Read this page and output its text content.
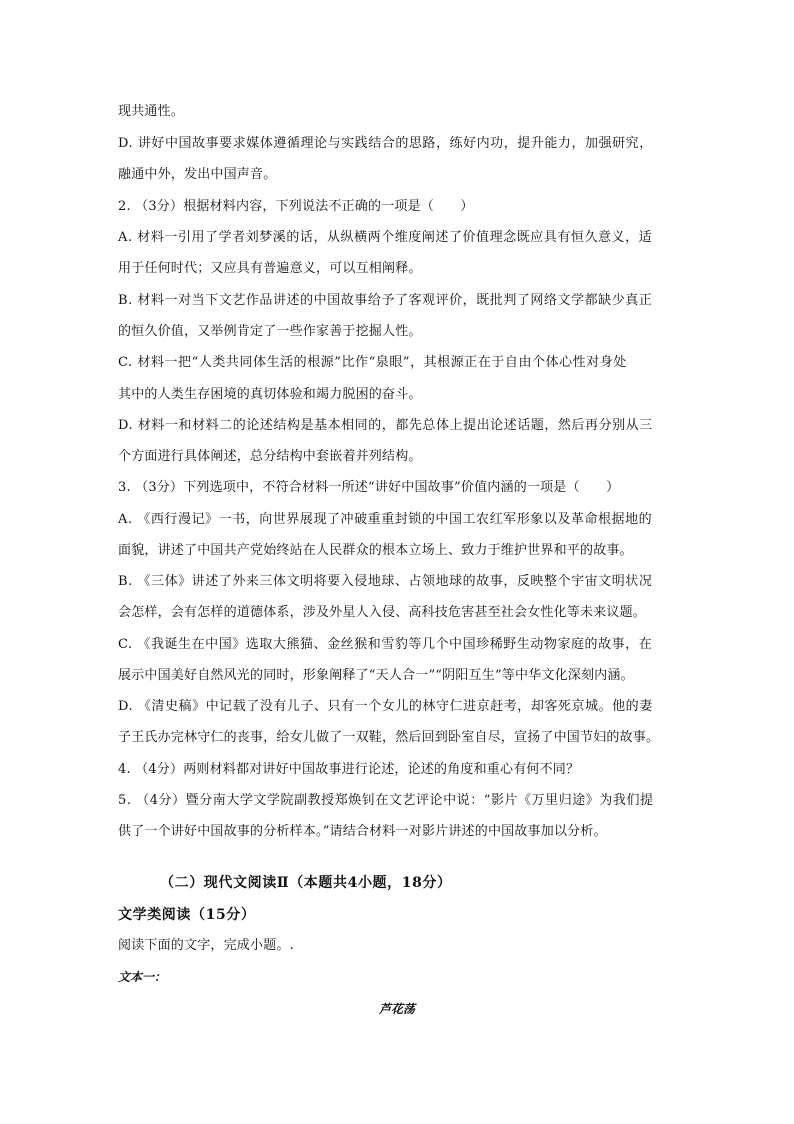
现共通性。
D. 讲好中国故事要求媒体遵循理论与实践结合的思路，练好内功，提升能力，加强研究，
融通中外，发出中国声音。
2. （3分）根据材料内容，下列说法不正确的一项是（　　）
A. 材料一引用了学者刘梦溪的话，从纵横两个维度阐述了价值理念既应具有恒久意义，适
用于任何时代；又应具有普遍意义，可以互相阐释。
B. 材料一对当下文艺作品讲述的中国故事给予了客观评价，既批判了网络文学都缺少真正
的恒久价值，又举例肯定了一些作家善于挖掘人性。
C. 材料一把“人类共同体生活的根源”比作“泉眼”，其根源正在于自由个体心性对身处
其中的人类生存困境的真切体验和竭力脱困的奋斗。
D. 材料一和材料二的论述结构是基本相同的，都先总体上提出论述话题，然后再分别从三
个方面进行具体阐述，总分结构中套嵌着并列结构。
3. （3分）下列选项中，不符合材料一所述“讲好中国故事”价值内涵的一项是（　　）
A. 《西行漫记》一书，向世界展现了冲破重重封锁的中国工农红军形象以及革命根据地的
面貌，讲述了中国共产党始终站在人民群众的根本立场上、致力于维护世界和平的故事。
B. 《三体》讲述了外来三体文明将要入侵地球、占领地球的故事，反映整个宇宙文明状况
会怎样，会有怎样的道德体系，涉及外星人入侵、高科技危害甚至社会女性化等未来议题。
C. 《我诞生在中国》选取大熊猫、金丝猴和雪豹等几个中国珍稀野生动物家庭的故事，在
展示中国美好自然风光的同时，形象阐释了“天人合一”“阴阳互生”等中华文化深刻内涵。
D. 《清史稿》中记载了没有儿子、只有一个女儿的林守仁进京赶考，却客死京城。他的妻
子王氏办完林守仁的丧事，给女儿做了一双鞋，然后回到卧室自尽，宣扬了中国节妇的故事。
4. （4分）两则材料都对讲好中国故事进行论述，论述的角度和重心有何不同？
5. （4分）暨分南大学文学院副教授郑焕钊在文艺评论中说：“影片《万里归途》为我们提
供了一个讲好中国故事的分析样本。”请结合材料一对影片讲述的中国故事加以分析。
（二）现代文阅读Ⅱ（本题共4小题，18分）
文学类阅读（15分）
阅读下面的文字，完成小题。.
文本一：
芦花荡
